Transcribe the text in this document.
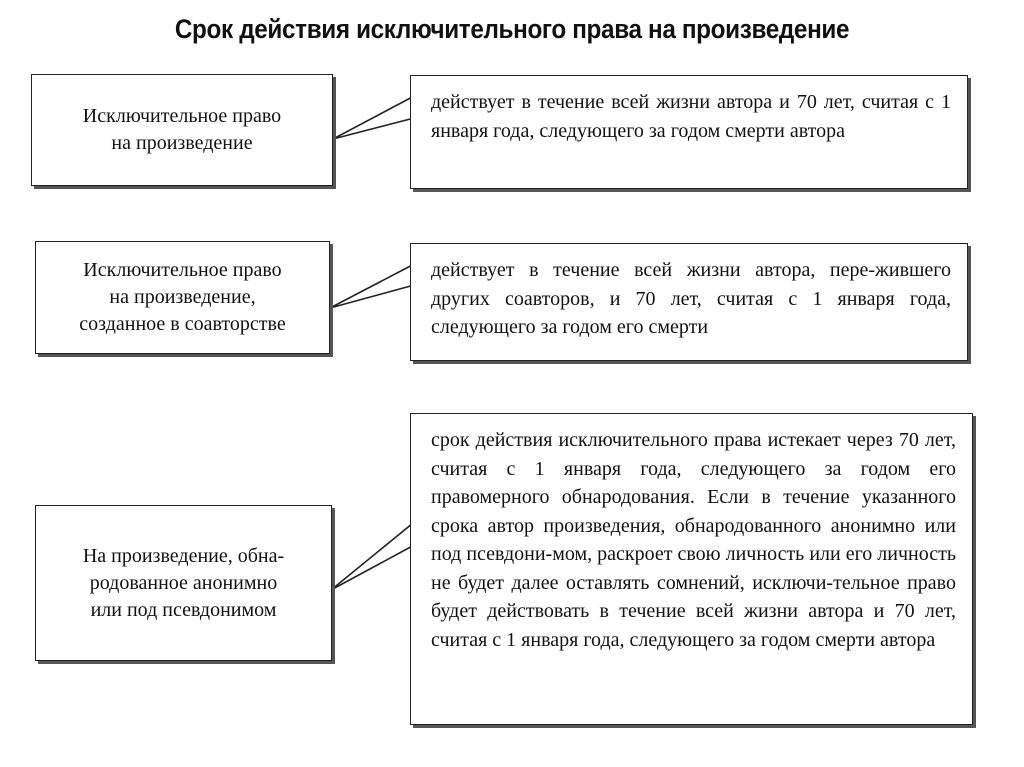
Срок действия исключительного права на произведение
Исключительное право
на произведение
действует в течение всей жизни автора и 70 лет, считая с 1 января года, следующего за годом смерти автора
Исключительное право
на произведение,
созданное в соавторстве
действует в течение всей жизни автора, пере-жившего других соавторов, и 70 лет, считая с 1 января года, следующего за годом его смерти
На произведение, обна-
родованное анонимно
или под псевдонимом
срок действия исключительного права истекает через 70 лет, считая с 1 января года, следующего за годом его правомерного обнародования. Если в течение указанного срока автор произведения, обнародованного анонимно или под псевдони-мом, раскроет свою личность или его личность не будет далее оставлять сомнений, исключи-тельное право будет действовать в течение всей жизни автора и 70 лет, считая с 1 января года, следующего за годом смерти автора
